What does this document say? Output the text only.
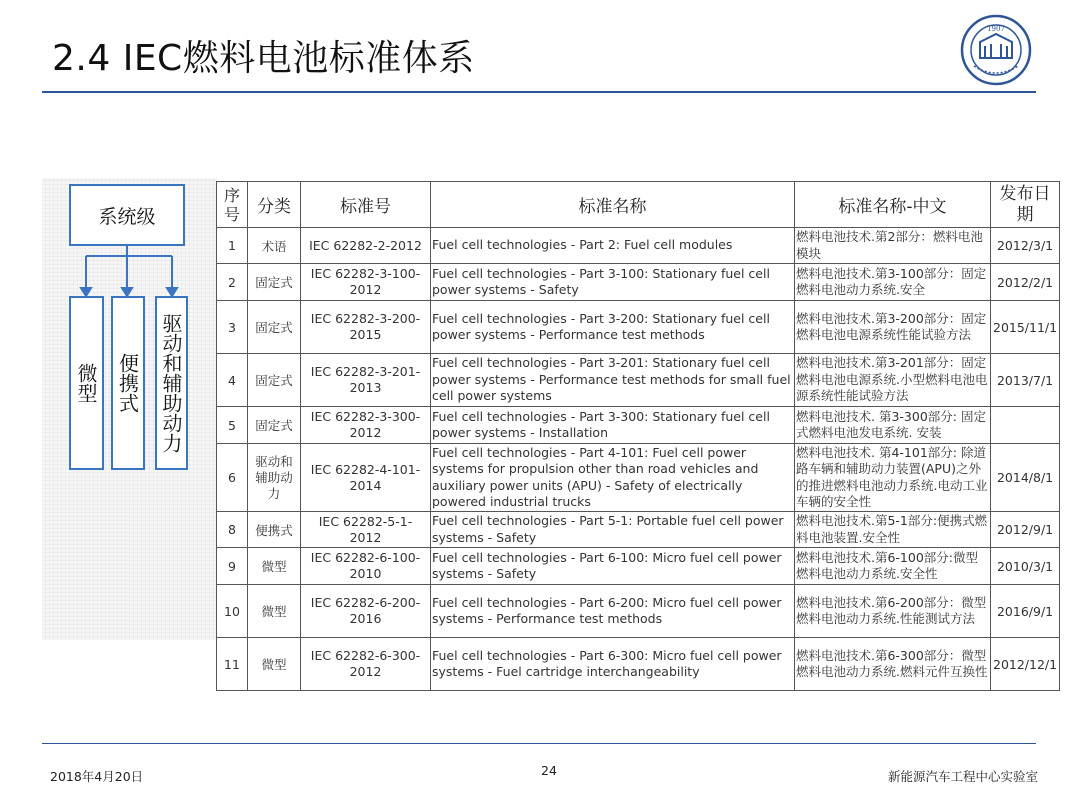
2.4 IEC燃料电池标准体系
1907
系统级
微型 便携式 驱动和辅助动力
序号	分类	标准号	标准名称	标准名称-中文	发布日期
1	术语	IEC 62282-2-2012	Fuel cell technologies - Part 2: Fuel cell modules	燃料电池技术.第2部分：燃料电池模块	2012/3/1
2	固定式	IEC 62282-3-100-2012	Fuel cell technologies - Part 3-100: Stationary fuel cell power systems - Safety	燃料电池技术.第3-100部分：固定燃料电池动力系统.安全	2012/2/1
3	固定式	IEC 62282-3-200-2015	Fuel cell technologies - Part 3-200: Stationary fuel cell power systems - Performance test methods	燃料电池技术.第3-200部分：固定燃料电池电源系统性能试验方法	2015/11/1
4	固定式	IEC 62282-3-201-2013	Fuel cell technologies - Part 3-201: Stationary fuel cell power systems - Performance test methods for small fuel cell power systems	燃料电池技术.第3-201部分：固定燃料电池电源系统.小型燃料电池电源系统性能试验方法	2013/7/1
5	固定式	IEC 62282-3-300-2012	Fuel cell technologies - Part 3-300: Stationary fuel cell power systems - Installation	燃料电池技术. 第3-300部分: 固定式燃料电池发电系统. 安装	
6	驱动和辅助动力	IEC 62282-4-101-2014	Fuel cell technologies - Part 4-101: Fuel cell power systems for propulsion other than road vehicles and auxiliary power units (APU) - Safety of electrically powered industrial trucks	燃料电池技术. 第4-101部分: 除道路车辆和辅助动力装置(APU)之外的推进燃料电池动力系统.电动工业车辆的安全性	2014/8/1
8	便携式	IEC 62282-5-1-2012	Fuel cell technologies - Part 5-1: Portable fuel cell power systems - Safety	燃料电池技术.第5-1部分:便携式燃料电池装置.安全性	2012/9/1
9	微型	IEC 62282-6-100-2010	Fuel cell technologies - Part 6-100: Micro fuel cell power systems - Safety	燃料电池技术.第6-100部分:微型燃料电池动力系统.安全性	2010/3/1
10	微型	IEC 62282-6-200-2016	Fuel cell technologies - Part 6-200: Micro fuel cell power systems - Performance test methods	燃料电池技术.第6-200部分：微型燃料电池动力系统.性能测试方法	2016/9/1
11	微型	IEC 62282-6-300-2012	Fuel cell technologies - Part 6-300: Micro fuel cell power systems - Fuel cartridge interchangeability	燃料电池技术.第6-300部分：微型燃料电池动力系统.燃料元件互换性	2012/12/1
2018年4月20日	24	新能源汽车工程中心实验室
